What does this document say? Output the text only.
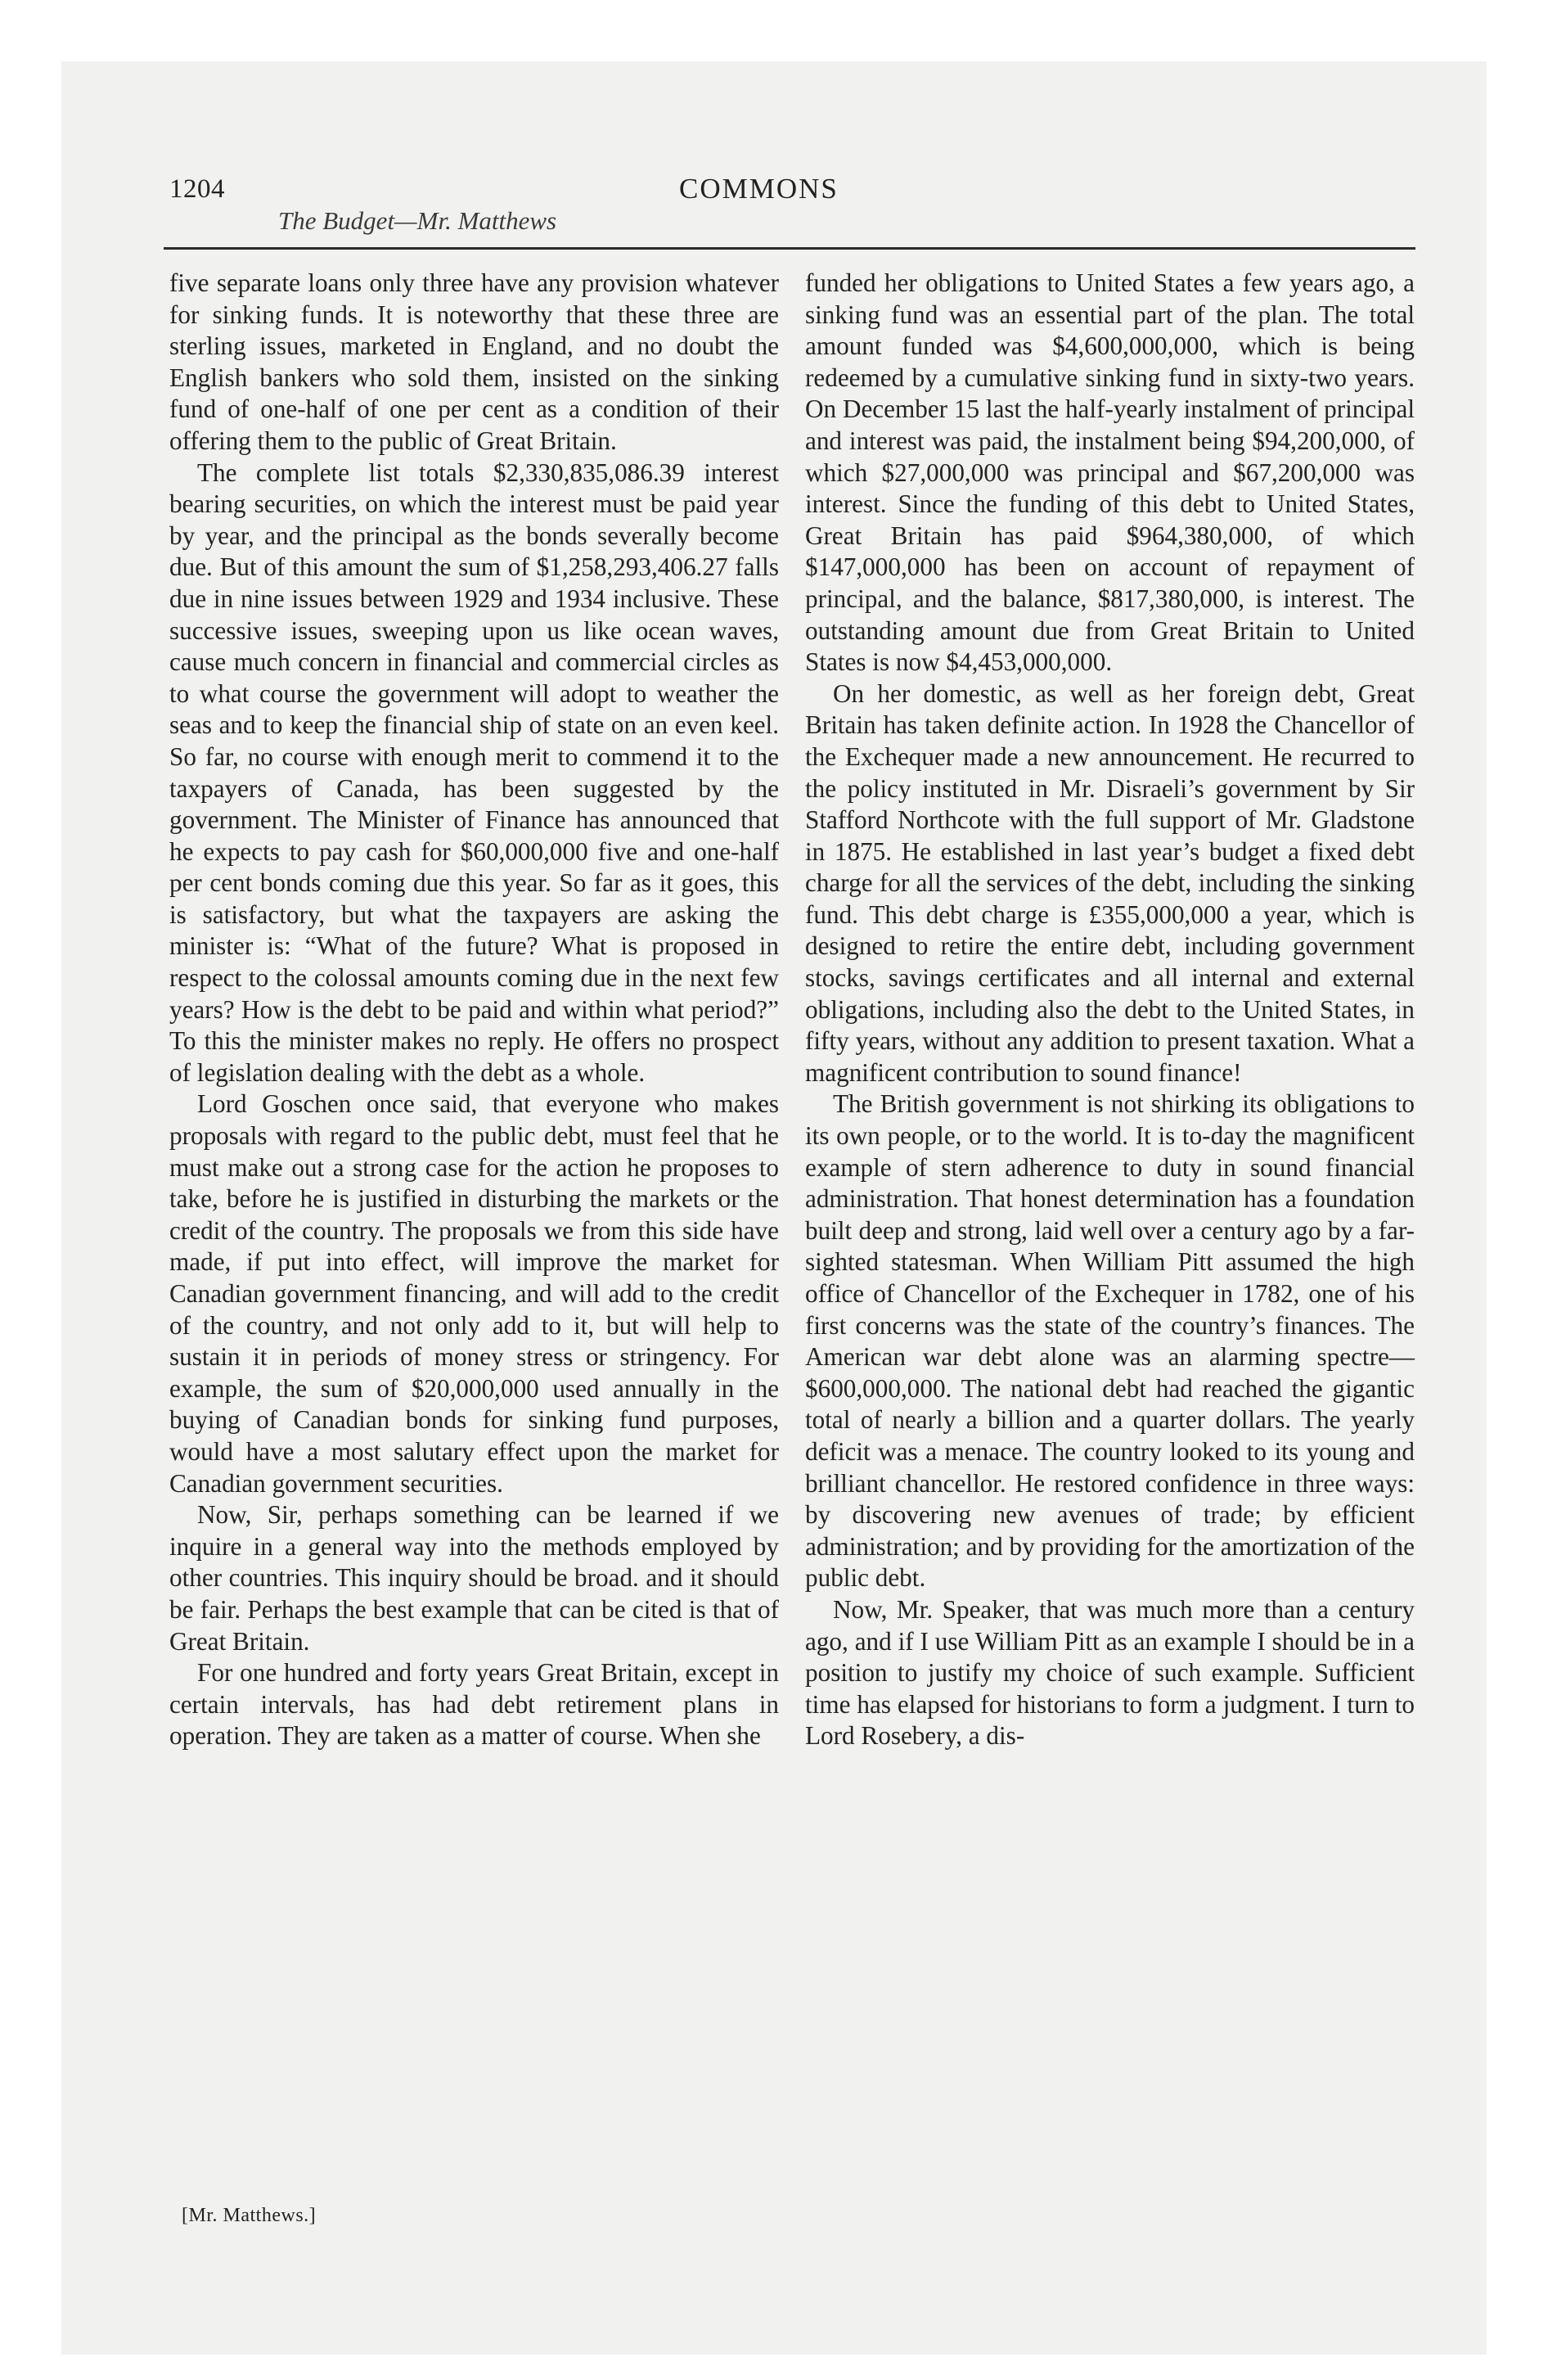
1204	COMMONS
The Budget—Mr. Matthews

five separate loans only three have any provision whatever for sinking funds. It is noteworthy that these three are sterling issues, marketed in England, and no doubt the English bankers who sold them, insisted on the sinking fund of one-half of one per cent as a condition of their offering them to the public of Great Britain.

The complete list totals $2,330,835,086.39 interest bearing securities, on which the interest must be paid year by year, and the principal as the bonds severally become due. But of this amount the sum of $1,258,293,406.27 falls due in nine issues between 1929 and 1934 inclusive. These successive issues, sweeping upon us like ocean waves, cause much concern in financial and commercial circles as to what course the government will adopt to weather the seas and to keep the financial ship of state on an even keel. So far, no course with enough merit to commend it to the taxpayers of Canada, has been suggested by the government. The Minister of Finance has announced that he expects to pay cash for $60,000,000 five and one-half per cent bonds coming due this year. So far as it goes, this is satisfactory, but what the taxpayers are asking the minister is: “What of the future? What is proposed in respect to the colossal amounts coming due in the next few years? How is the debt to be paid and within what period?” To this the minister makes no reply. He offers no prospect of legislation dealing with the debt as a whole.

Lord Goschen once said, that everyone who makes proposals with regard to the public debt, must feel that he must make out a strong case for the action he proposes to take, before he is justified in disturbing the markets or the credit of the country. The proposals we from this side have made, if put into effect, will improve the market for Canadian government financing, and will add to the credit of the country, and not only add to it, but will help to sustain it in periods of money stress or stringency. For example, the sum of $20,000,000 used annually in the buying of Canadian bonds for sinking fund purposes, would have a most salutary effect upon the market for Canadian government securities.

Now, Sir, perhaps something can be learned if we inquire in a general way into the methods employed by other countries. This inquiry should be broad. and it should be fair. Perhaps the best example that can be cited is that of Great Britain.

For one hundred and forty years Great Britain, except in certain intervals, has had debt retirement plans in operation. They are taken as a matter of course. When she

funded her obligations to United States a few years ago, a sinking fund was an essential part of the plan. The total amount funded was $4,600,000,000, which is being redeemed by a cumulative sinking fund in sixty-two years. On December 15 last the half-yearly instalment of principal and interest was paid, the instalment being $94,200,000, of which $27,000,000 was principal and $67,200,000 was interest. Since the funding of this debt to United States, Great Britain has paid $964,380,000, of which $147,000,000 has been on account of repayment of principal, and the balance, $817,380,000, is interest. The outstanding amount due from Great Britain to United States is now $4,453,000,000.

On her domestic, as well as her foreign debt, Great Britain has taken definite action. In 1928 the Chancellor of the Exchequer made a new announcement. He recurred to the policy instituted in Mr. Disraeli’s government by Sir Stafford Northcote with the full support of Mr. Gladstone in 1875. He established in last year’s budget a fixed debt charge for all the services of the debt, including the sinking fund. This debt charge is £355,000,000 a year, which is designed to retire the entire debt, including government stocks, savings certificates and all internal and external obligations, including also the debt to the United States, in fifty years, without any addition to present taxation. What a magnificent contribution to sound finance!

The British government is not shirking its obligations to its own people, or to the world. It is to-day the magnificent example of stern adherence to duty in sound financial administration. That honest determination has a foundation built deep and strong, laid well over a century ago by a far-sighted statesman. When William Pitt assumed the high office of Chancellor of the Exchequer in 1782, one of his first concerns was the state of the country’s finances. The American war debt alone was an alarming spectre—$600,000,000. The national debt had reached the gigantic total of nearly a billion and a quarter dollars. The yearly deficit was a menace. The country looked to its young and brilliant chancellor. He restored confidence in three ways: by discovering new avenues of trade; by efficient administration; and by providing for the amortization of the public debt.

Now, Mr. Speaker, that was much more than a century ago, and if I use William Pitt as an example I should be in a position to justify my choice of such example. Sufficient time has elapsed for historians to form a judgment. I turn to Lord Rosebery, a dis-

[Mr. Matthews.]
